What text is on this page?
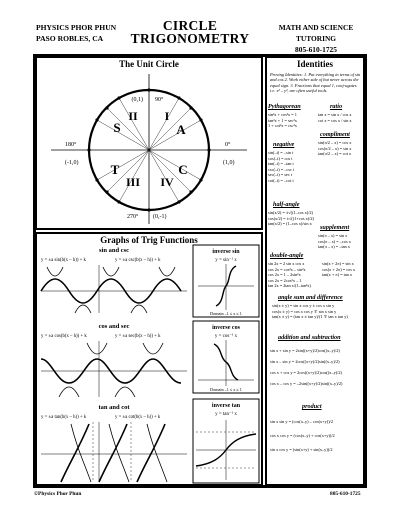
PHYSICS PHOR PHUN
PASO ROBLES, CA
CIRCLE
TRIGONOMETRY
MATH AND SCIENCE TUTORING
805-610-1725
The Unit Circle
S
I
A
II
T
III IV
C
(0,1)
(-1,0)	(1,0)
(0,-1)
90°
180°	0°
270°
Graphs of Trig Functions
sin and csc
y = ±a sin(b(x – h)) + k	y = ±a csc(b(x – h)) + k
cos and sec
y = ±a cos(b(x – h)) + k	y = ±a sec(b(x – h)) + k
tan and cot
y = ±a tan(b(x – h)) + k	y = ±a cot(b(x – h)) + k
inverse sin
y = sin⁻¹ x
Domain –1 ≤ x ≤ 1
inverse cos
y = cos⁻¹ x
Domain –1 ≤ x ≤ 1
inverse tan
y = tan⁻¹ x
Identities
Proving Identities: 1. Put everything in terms of sin and cos 2. Work either side of but never across the equal sign. 3. Fractions that equal 1, conj-ugates i.e. x² – y², are often useful tools.
Pythagorean	ratio
sin²x + cos²x = 1
tan²x + 1 = sec²x
1 + cot²x = csc²x
tan x = sin x / cos x
cot x = cos x / sin x
compliment
negative
sin(–t) = –sin t
cos(–t) = cos t
tan(–t) = –tan t
csc(–t) = –csc t
sec(–t) = sec t
cot(–t) = –cot t
sin(π/2 – x) = cos x
cos(π/2 – x) = sin x
tan(π/2 – x) = cot x
half-angle
sin(x/2) = ±√((1–cos x)/2)
cos(x/2) = ±√((1+cos x)/2)
tan(x/2) = (1–cos x)/sin x
supplement
sin(π – x) = sin x
cos(π – x) = –cos x
tan(π – x) = –tan x
double-angle
sin 2x = 2 sin x cos x
cos 2x = cos²x – sin²x
cos 2x = 1 – 2sin²x
cos 2x = 2cos²x – 1
tan 2x = 2tan x/(1–tan²x)
sin(x + 2π) = sin x
cos(x + 2π) = cos x
tan(x + π) = tan x
angle sum and difference
sin(x ± y) = sin x cos y ± cos x sin y
cos(x ± y) = cos x cos y ∓ sin x sin y
tan(x ± y) = (tan x ± tan y)/(1 ∓ tan x tan y)
addition and subtraction
sin x + sin y = 2sin((x+y)/2)cos((x–y)/2)
sin x – sin y = 2cos((x+y)/2)sin((x–y)/2)
cos x + cos y = 2cos((x+y)/2)cos((x–y)/2)
cos x – cos y = –2sin((x+y)/2)sin((x–y)/2)
product
sin x sin y = (cos(x–y) – cos(x+y))/2
cos x cos y = (cos(x–y) + cos(x+y))/2
sin x cos y = (sin(x+y) + sin(x–y))/2
©Physics Phor Phun	805-610-1725
